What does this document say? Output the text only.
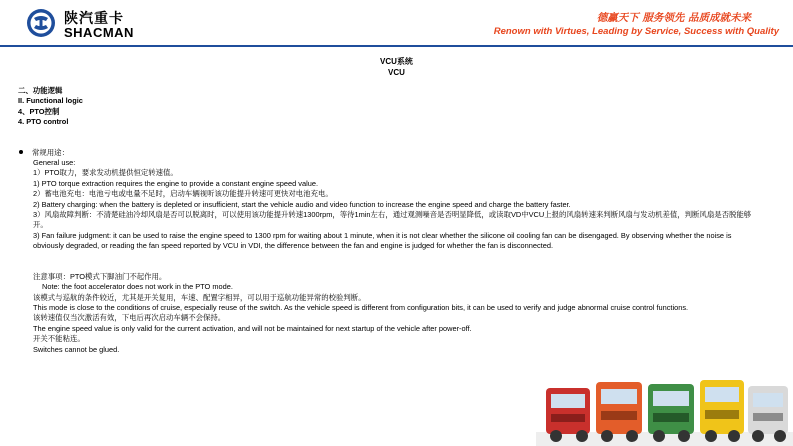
陕汽重卡
SHACMAN
德赢天下 服务领先 品质成就未来
Renown with Virtues, Leading by Service, Success with Quality
VCU系统
VCU
二、功能逻辑
II. Functional logic
4、PTO控制
4. PTO control
常规用途：
General use:
1）PTO取力，要求发动机提供恒定转速值。
1) PTO torque extraction requires the engine to provide a constant engine speed value.
2）蓄电池充电：电池亏电或电量不足时，启动车辆视听该功能提升转速可更快对电池充电。
2) Battery charging: when the battery is depleted or insufficient, start the vehicle audio and video function to increase the engine speed and charge the battery faster.
3）风扇故障判断：不清楚硅油冷却风扇是否可以脱离时，可以使用该功能提升转速1300rpm，等待1min左右，通过观测噪音是否明显降低，或读取VD中VCU上报的风扇转速来判断风扇与发动机差值，判断风扇是否脱能够开。
3) Fan failure judgment: it can be used to raise the engine speed to 1300 rpm for waiting about 1 minute, when it is not clear whether the silicone oil cooling fan can be disengaged. By observing whether the noise is obviously degraded, or reading the fan speed reported by VCU in VDI, the difference between the fan and engine is judged for whether the fan is disconnected.
注意事项：PTO模式下脚油门不起作用。
Note: the foot accelerator does not work in the PTO mode.
该模式与巡航的条件较近，尤其是开关复用，车速、配置字相异，可以用于巡航功能异常的校验判断。
This mode is close to the conditions of cruise, especially reuse of the switch. As the vehicle speed is different from configuration bits, it can be used to verify and judge abnormal cruise control functions.
该转速值仅当次激活有效，下电后再次启动车辆不会保持。
The engine speed value is only valid for the current activation, and will not be maintained for next startup of the vehicle after power-off.
开关不能粘连。
Switches cannot be glued.
